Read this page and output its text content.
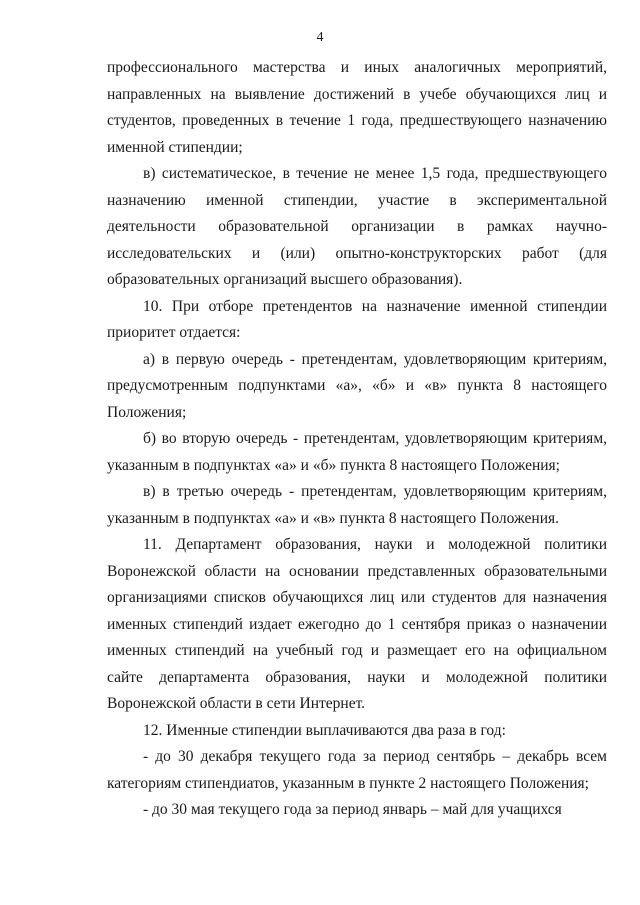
4

профессионального мастерства и иных аналогичных мероприятий, направленных на выявление достижений в учебе обучающихся лиц и студентов, проведенных в течение 1 года, предшествующего назначению именной стипендии;

в) систематическое, в течение не менее 1,5 года, предшествующего назначению именной стипендии, участие в экспериментальной деятельности образовательной организации в рамках научно-исследовательских и (или) опытно-конструкторских работ (для образовательных организаций высшего образования).

10. При отборе претендентов на назначение именной стипендии приоритет отдается:

а) в первую очередь - претендентам, удовлетворяющим критериям, предусмотренным подпунктами «а», «б» и «в» пункта 8 настоящего Положения;

б) во вторую очередь - претендентам, удовлетворяющим критериям, указанным в подпунктах «а» и «б» пункта 8 настоящего Положения;

в) в третью очередь - претендентам, удовлетворяющим критериям, указанным в подпунктах «а» и «в» пункта 8 настоящего Положения.

11. Департамент образования, науки и молодежной политики Воронежской области на основании представленных образовательными организациями списков обучающихся лиц или студентов для назначения именных стипендий издает ежегодно до 1 сентября приказ о назначении именных стипендий на учебный год и размещает его на официальном сайте департамента образования, науки и молодежной политики Воронежской области в сети Интернет.

12. Именные стипендии выплачиваются два раза в год:

- до 30 декабря текущего года за период сентябрь – декабрь всем категориям стипендиатов, указанным в пункте 2 настоящего Положения;

- до 30 мая текущего года за период январь – май для учащихся
